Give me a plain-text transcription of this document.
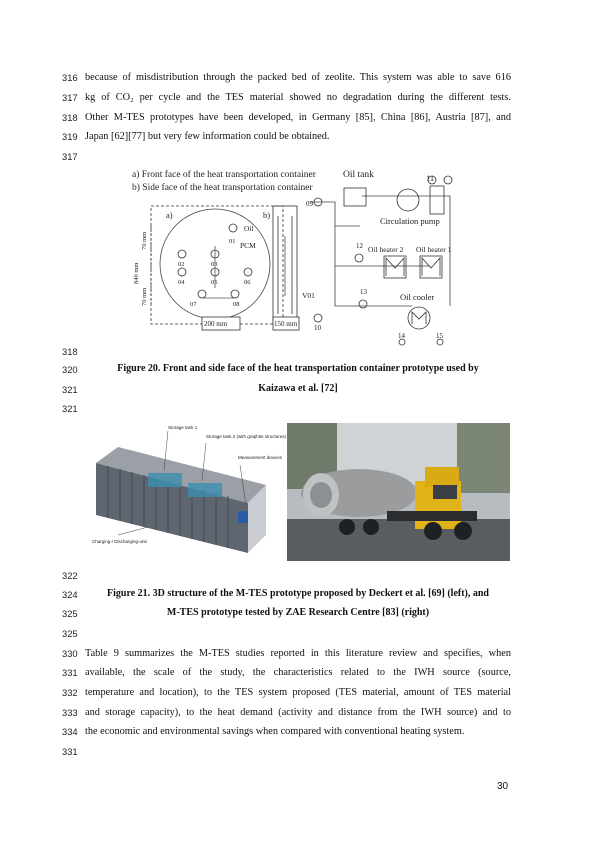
316 because of misdistribution through the packed bed of zeolite. This system was able to save 616
317 kg of CO₂ per cycle and the TES material showed no degradation during the different tests.
318 Other M-TES prototypes have been developed, in Germany [85], China [86], Austria [87], and
319 Japan [62][77] but very few information could be obtained.
317
a) Front face of the heat transportation container
b) Side face of the heat transportation container
Oil tank	11
a)	b)
Oil
PCM
70 mm
840 mm
70 mm
02
04
03
05	06
01
07	08
200 mm	150 mm
V01
09
10
Circulation pump
12 Oil heater 2 Oil heater 1
13	Oil cooler
14	15
318
320	Figure 20. Front and side face of the heat transportation container prototype used by
321	Kaizawa et al. [72]
321
Storage tank 1
Storage tank 2 (with graphite structures)
Measurement devices
Charging-/ Discharging-unit
322
324	Figure 21. 3D structure of the M-TES prototype proposed by Deckert et al. [69] (left), and
325	M-TES prototype tested by ZAE Research Centre [83] (right)
325
330 Table 9 summarizes the M-TES studies reported in this literature review and specifies, when
331 available, the scale of the study, the characteristics related to the IWH source (source,
332 temperature and location), to the TES system proposed (TES material, amount of TES material
333 and storage capacity), to the heat demand (activity and distance from the IWH source) and to
334 the economic and environmental savings when compared with conventional heating system.
331
30
